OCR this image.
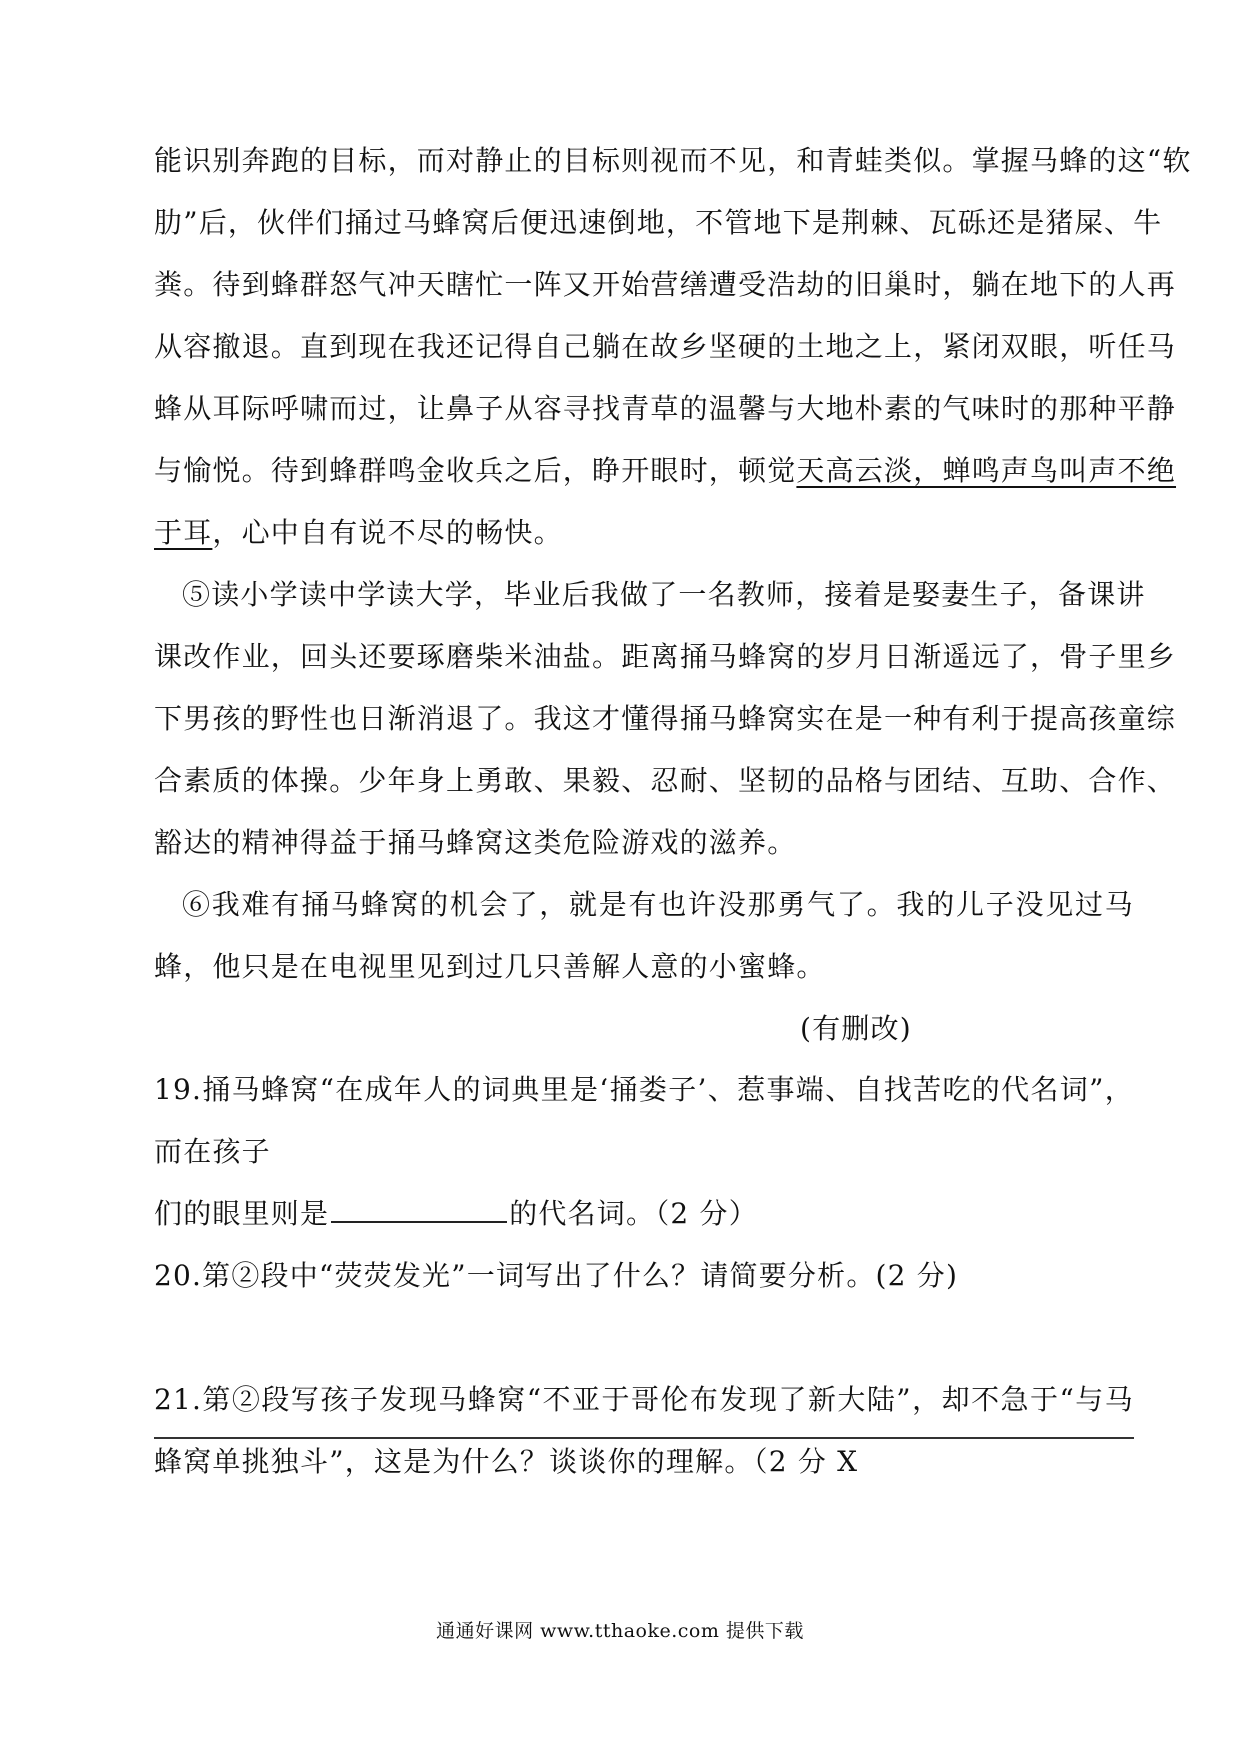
能识别奔跑的目标，而对静止的目标则视而不见，和青蛙类似。掌握马蜂的这“软
肋”后，伙伴们捅过马蜂窝后便迅速倒地，不管地下是荆棘、瓦砾还是猪屎、牛
粪。待到蜂群怒气冲天瞎忙一阵又开始营缮遭受浩劫的旧巢时，躺在地下的人再
从容撤退。直到现在我还记得自己躺在故乡坚硬的土地之上，紧闭双眼，听任马
蜂从耳际呼啸而过，让鼻子从容寻找青草的温馨与大地朴素的气味时的那种平静
与愉悦。待到蜂群鸣金收兵之后，睁开眼时，顿觉天高云淡，蝉鸣声鸟叫声不绝
于耳，心中自有说不尽的畅快。
⑤读小学读中学读大学，毕业后我做了一名教师，接着是娶妻生子，备课讲
课改作业，回头还要琢磨柴米油盐。距离捅马蜂窝的岁月日渐遥远了，骨子里乡
下男孩的野性也日渐消退了。我这才懂得捅马蜂窝实在是一种有利于提高孩童综
合素质的体操。少年身上勇敢、果毅、忍耐、坚韧的品格与团结、互助、合作、
豁达的精神得益于捅马蜂窝这类危险游戏的滋养。
⑥我难有捅马蜂窝的机会了，就是有也许没那勇气了。我的儿子没见过马
蜂，他只是在电视里见到过几只善解人意的小蜜蜂。
(有删改)
19.捅马蜂窝“在成年人的词典里是‘捅娄子’、惹事端、自找苦吃的代名词”，
而在孩子
们的眼里则是	的代名词。（2 分）
20.第②段中“荧荧发光”一词写出了什么？请简要分析。(2 分)
21.第②段写孩子发现马蜂窝“不亚于哥伦布发现了新大陆”，却不急于“与马
蜂窝单挑独斗”，这是为什么？谈谈你的理解。（2 分 X
通通好课网 www.tthaoke.com 提供下载
